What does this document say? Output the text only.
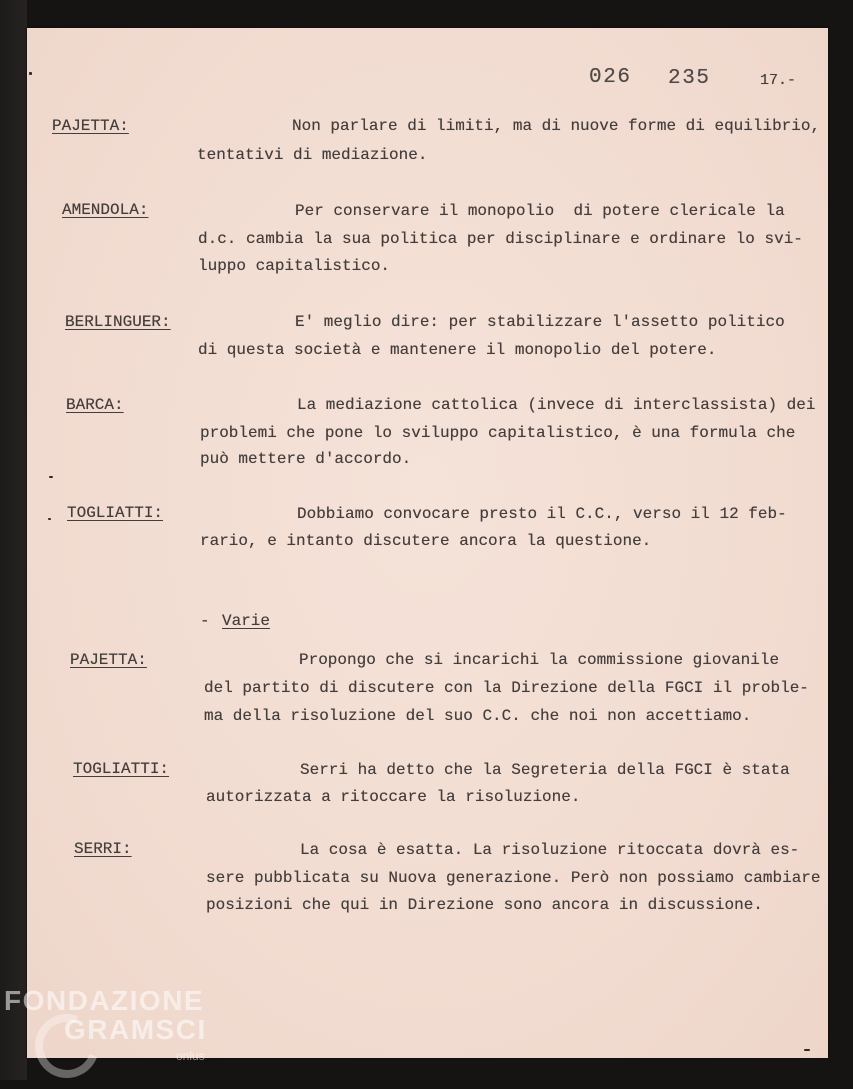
026 235	17.-
PAJETTA:	Non parlare di limiti, ma di nuove forme di equilibrio,
tentativi di mediazione.
AMENDOLA:	Per conservare il monopolio  di potere clericale la
d.c. cambia la sua politica per disciplinare e ordinare lo svi-
luppo capitalistico.
BERLINGUER:	E' meglio dire: per stabilizzare l'assetto politico
di questa società e mantenere il monopolio del potere.
BARCA:	La mediazione cattolica (invece di interclassista) dei
problemi che pone lo sviluppo capitalistico, è una formula che
può mettere d'accordo.
TOGLIATTI:	Dobbiamo convocare presto il C.C., verso il 12 feb-
rario, e intanto discutere ancora la questione.
- Varie
PAJETTA:	Propongo che si incarichi la commissione giovanile
del partito di discutere con la Direzione della FGCI il proble-
ma della risoluzione del suo C.C. che noi non accettiamo.
TOGLIATTI:	Serri ha detto che la Segreteria della FGCI è stata
autorizzata a ritoccare la risoluzione.
SERRI:	La cosa è esatta. La risoluzione ritoccata dovrà es-
sere pubblicata su Nuova generazione. Però non possiamo cambiare
posizioni che qui in Direzione sono ancora in discussione.
FONDAZIONE
GRAMSCI
onlus
